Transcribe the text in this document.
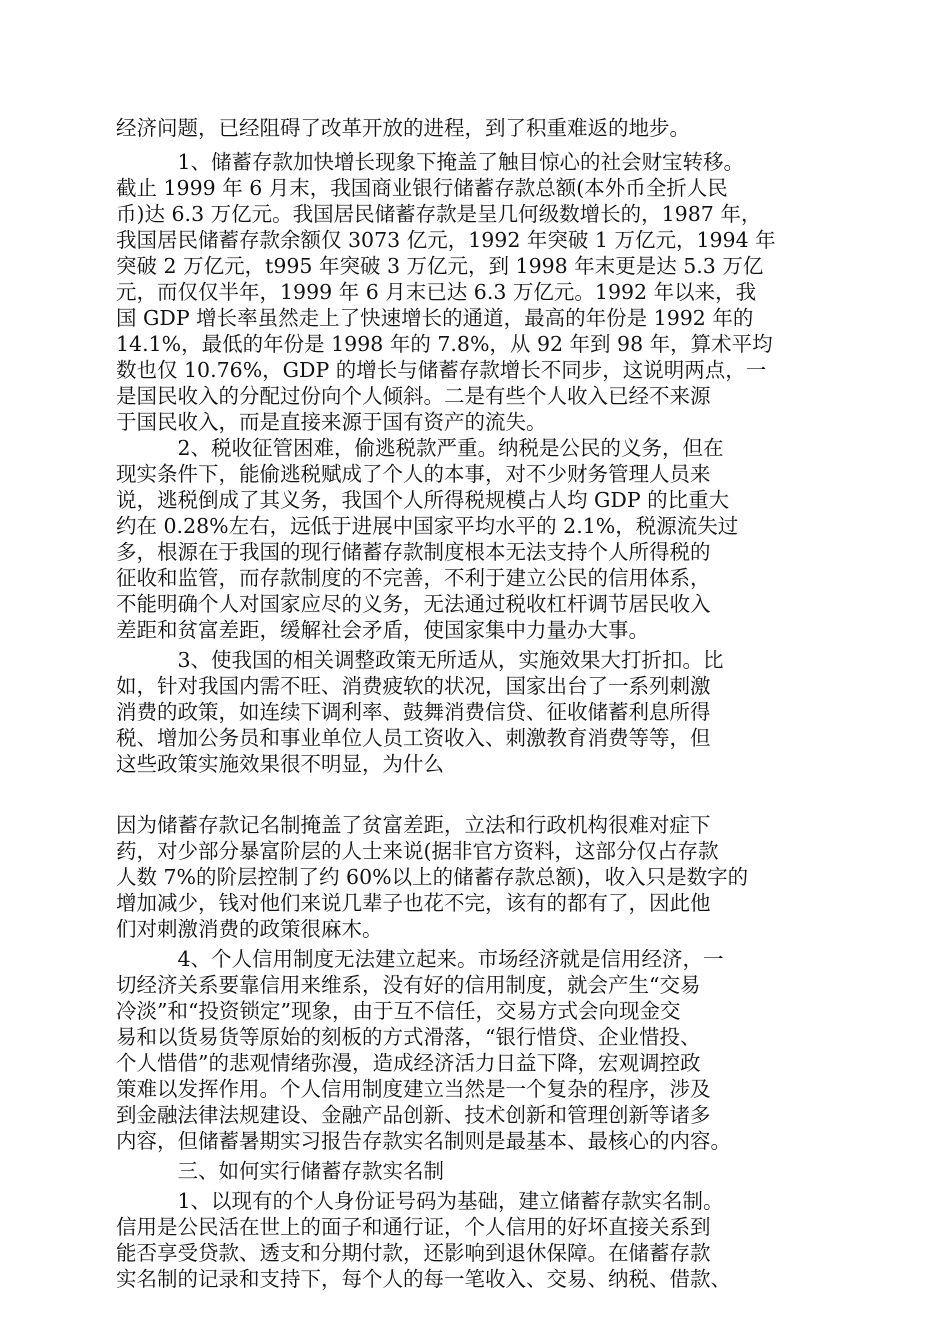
经济问题，已经阻碍了改革开放的进程，到了积重难返的地步。
　　　1、储蓄存款加快增长现象下掩盖了触目惊心的社会财宝转移。
截止 1999 年 6 月末，我国商业银行储蓄存款总额(本外币全折人民
币)达 6.3 万亿元。我国居民储蓄存款是呈几何级数增长的，1987 年，
我国居民储蓄存款余额仅 3073 亿元，1992 年突破 1 万亿元，1994 年
突破 2 万亿元，t995 年突破 3 万亿元，到 1998 年末更是达 5.3 万亿
元，而仅仅半年，1999 年 6 月末已达 6.3 万亿元。1992 年以来，我
国 GDP 增长率虽然走上了快速增长的通道，最高的年份是 1992 年的
14.1%，最低的年份是 1998 年的 7.8%，从 92 年到 98 年，算术平均
数也仅 10.76%，GDP 的增长与储蓄存款增长不同步，这说明两点，一
是国民收入的分配过份向个人倾斜。二是有些个人收入已经不来源
于国民收入，而是直接来源于国有资产的流失。
　　　2、税收征管困难，偷逃税款严重。纳税是公民的义务，但在
现实条件下，能偷逃税赋成了个人的本事，对不少财务管理人员来
说，逃税倒成了其义务，我国个人所得税规模占人均 GDP 的比重大
约在 0.28%左右，远低于进展中国家平均水平的 2.1%，税源流失过
多，根源在于我国的现行储蓄存款制度根本无法支持个人所得税的
征收和监管，而存款制度的不完善，不利于建立公民的信用体系，
不能明确个人对国家应尽的义务，无法通过税收杠杆调节居民收入
差距和贫富差距，缓解社会矛盾，使国家集中力量办大事。
　　　3、使我国的相关调整政策无所适从，实施效果大打折扣。比
如，针对我国内需不旺、消费疲软的状况，国家出台了一系列刺激
消费的政策，如连续下调利率、鼓舞消费信贷、征收储蓄利息所得
税、增加公务员和事业单位人员工资收入、刺激教育消费等等，但
这些政策实施效果很不明显，为什么
因为储蓄存款记名制掩盖了贫富差距，立法和行政机构很难对症下
药，对少部分暴富阶层的人士来说(据非官方资料，这部分仅占存款
人数 7%的阶层控制了约 60%以上的储蓄存款总额)，收入只是数字的
增加减少，钱对他们来说几辈子也花不完，该有的都有了，因此他
们对刺激消费的政策很麻木。
　　　4、个人信用制度无法建立起来。市场经济就是信用经济，一
切经济关系要靠信用来维系，没有好的信用制度，就会产生“交易
冷淡”和“投资锁定”现象，由于互不信任，交易方式会向现金交
易和以货易货等原始的刻板的方式滑落，“银行惜贷、企业惜投、
个人惜借”的悲观情绪弥漫，造成经济活力日益下降，宏观调控政
策难以发挥作用。个人信用制度建立当然是一个复杂的程序，涉及
到金融法律法规建设、金融产品创新、技术创新和管理创新等诸多
内容，但储蓄暑期实习报告存款实名制则是最基本、最核心的内容。
　　　三、如何实行储蓄存款实名制
　　　1、以现有的个人身份证号码为基础，建立储蓄存款实名制。
信用是公民活在世上的面子和通行证，个人信用的好坏直接关系到
能否享受贷款、透支和分期付款，还影响到退休保障。在储蓄存款
实名制的记录和支持下，每个人的每一笔收入、交易、纳税、借款、
